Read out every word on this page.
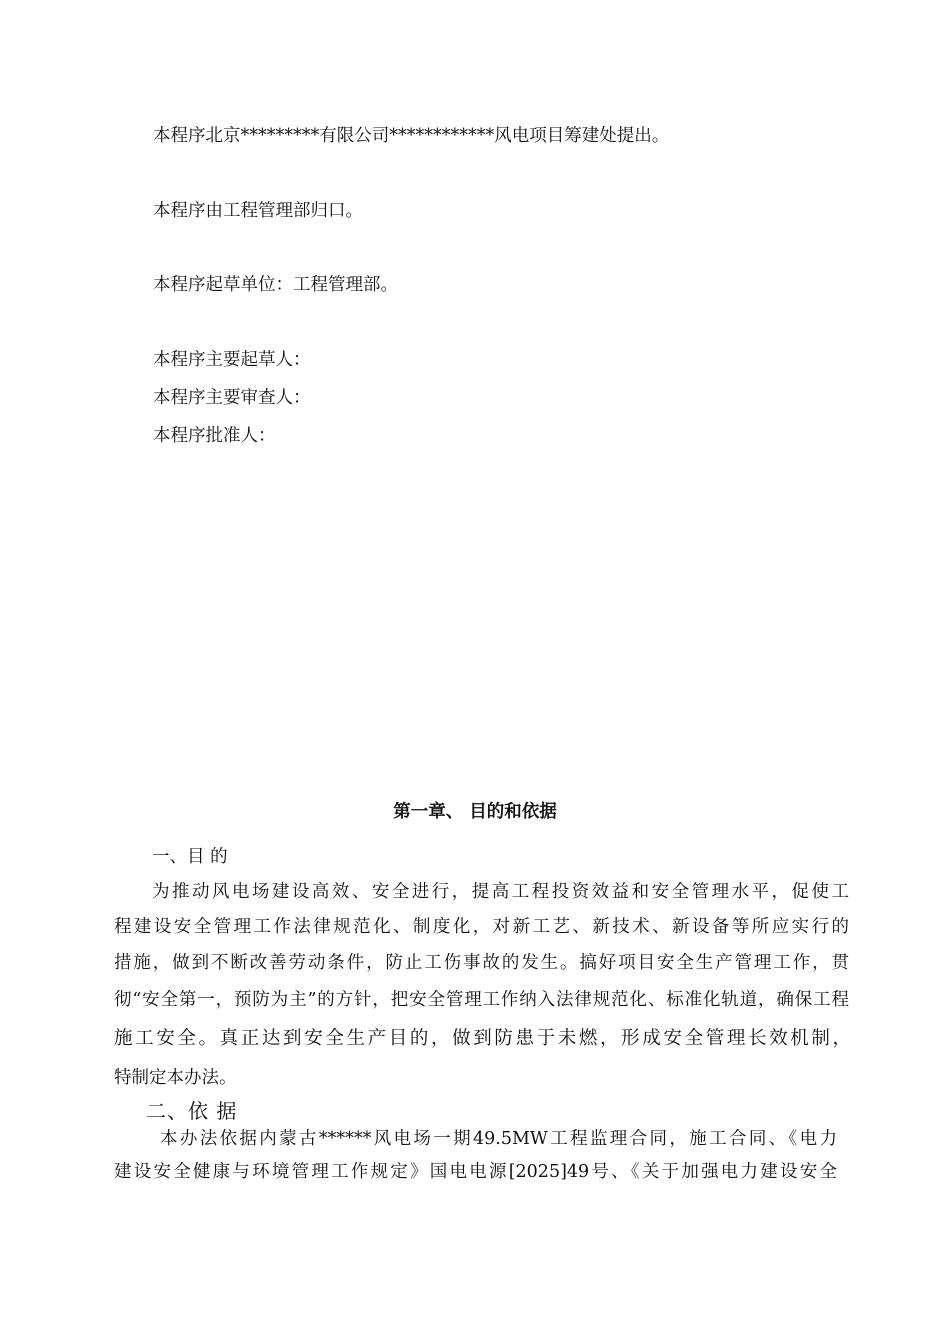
本程序北京*********有限公司************风电项目筹建处提出。
本程序由工程管理部归口。
本程序起草单位：工程管理部。
本程序主要起草人：
本程序主要审查人：
本程序批准人：
第一章、 目的和依据
一、目 的
为推动风电场建设高效、安全进行，提高工程投资效益和安全管理水平，促使工
程建设安全管理工作法律规范化、制度化，对新工艺、新技术、新设备等所应实行的
措施，做到不断改善劳动条件，防止工伤事故的发生。搞好项目安全生产管理工作，贯
彻“安全第一，预防为主”的方针，把安全管理工作纳入法律规范化、标准化轨道，确保工程
施工安全。真正达到安全生产目的，做到防患于未燃，形成安全管理长效机制，
特制定本办法。
二、依 据
本办法依据内蒙古******风电场一期49.5MW工程监理合同，施工合同、《电力
建设安全健康与环境管理工作规定》国电电源[2025]49号、《关于加强电力建设安全
